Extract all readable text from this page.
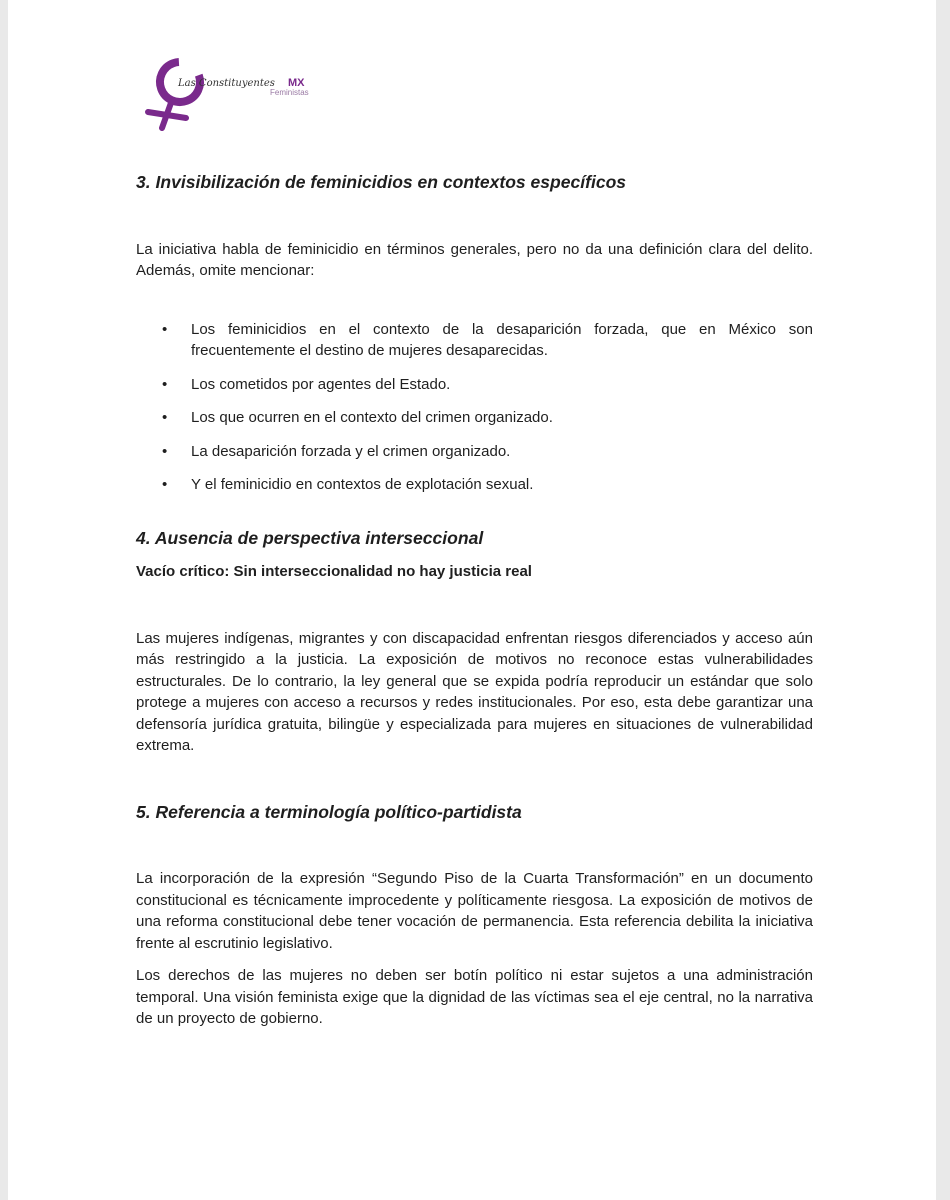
Las Constituyentes MX
Feministas
3. Invisibilización de feminicidios en contextos específicos

La iniciativa habla de feminicidio en términos generales, pero no da una definición clara del delito. Además, omite mencionar:

• Los feminicidios en el contexto de la desaparición forzada, que en México son frecuentemente el destino de mujeres desaparecidas.
• Los cometidos por agentes del Estado.
• Los que ocurren en el contexto del crimen organizado.
• La desaparición forzada y el crimen organizado.
• Y el feminicidio en contextos de explotación sexual.
4. Ausencia de perspectiva interseccional
Vacío crítico: Sin interseccionalidad no hay justicia real

Las mujeres indígenas, migrantes y con discapacidad enfrentan riesgos diferenciados y acceso aún más restringido a la justicia. La exposición de motivos no reconoce estas vulnerabilidades estructurales. De lo contrario, la ley general que se expida podría reproducir un estándar que solo protege a mujeres con acceso a recursos y redes institucionales. Por eso, esta debe garantizar una defensoría jurídica gratuita, bilingüe y especializada para mujeres en situaciones de vulnerabilidad extrema.

5. Referencia a terminología político-partidista

La incorporación de la expresión “Segundo Piso de la Cuarta Transformación” en un documento constitucional es técnicamente improcedente y políticamente riesgosa. La exposición de motivos de una reforma constitucional debe tener vocación de permanencia. Esta referencia debilita la iniciativa frente al escrutinio legislativo.

Los derechos de las mujeres no deben ser botín político ni estar sujetos a una administración temporal. Una visión feminista exige que la dignidad de las víctimas sea el eje central, no la narrativa de un proyecto de gobierno.
